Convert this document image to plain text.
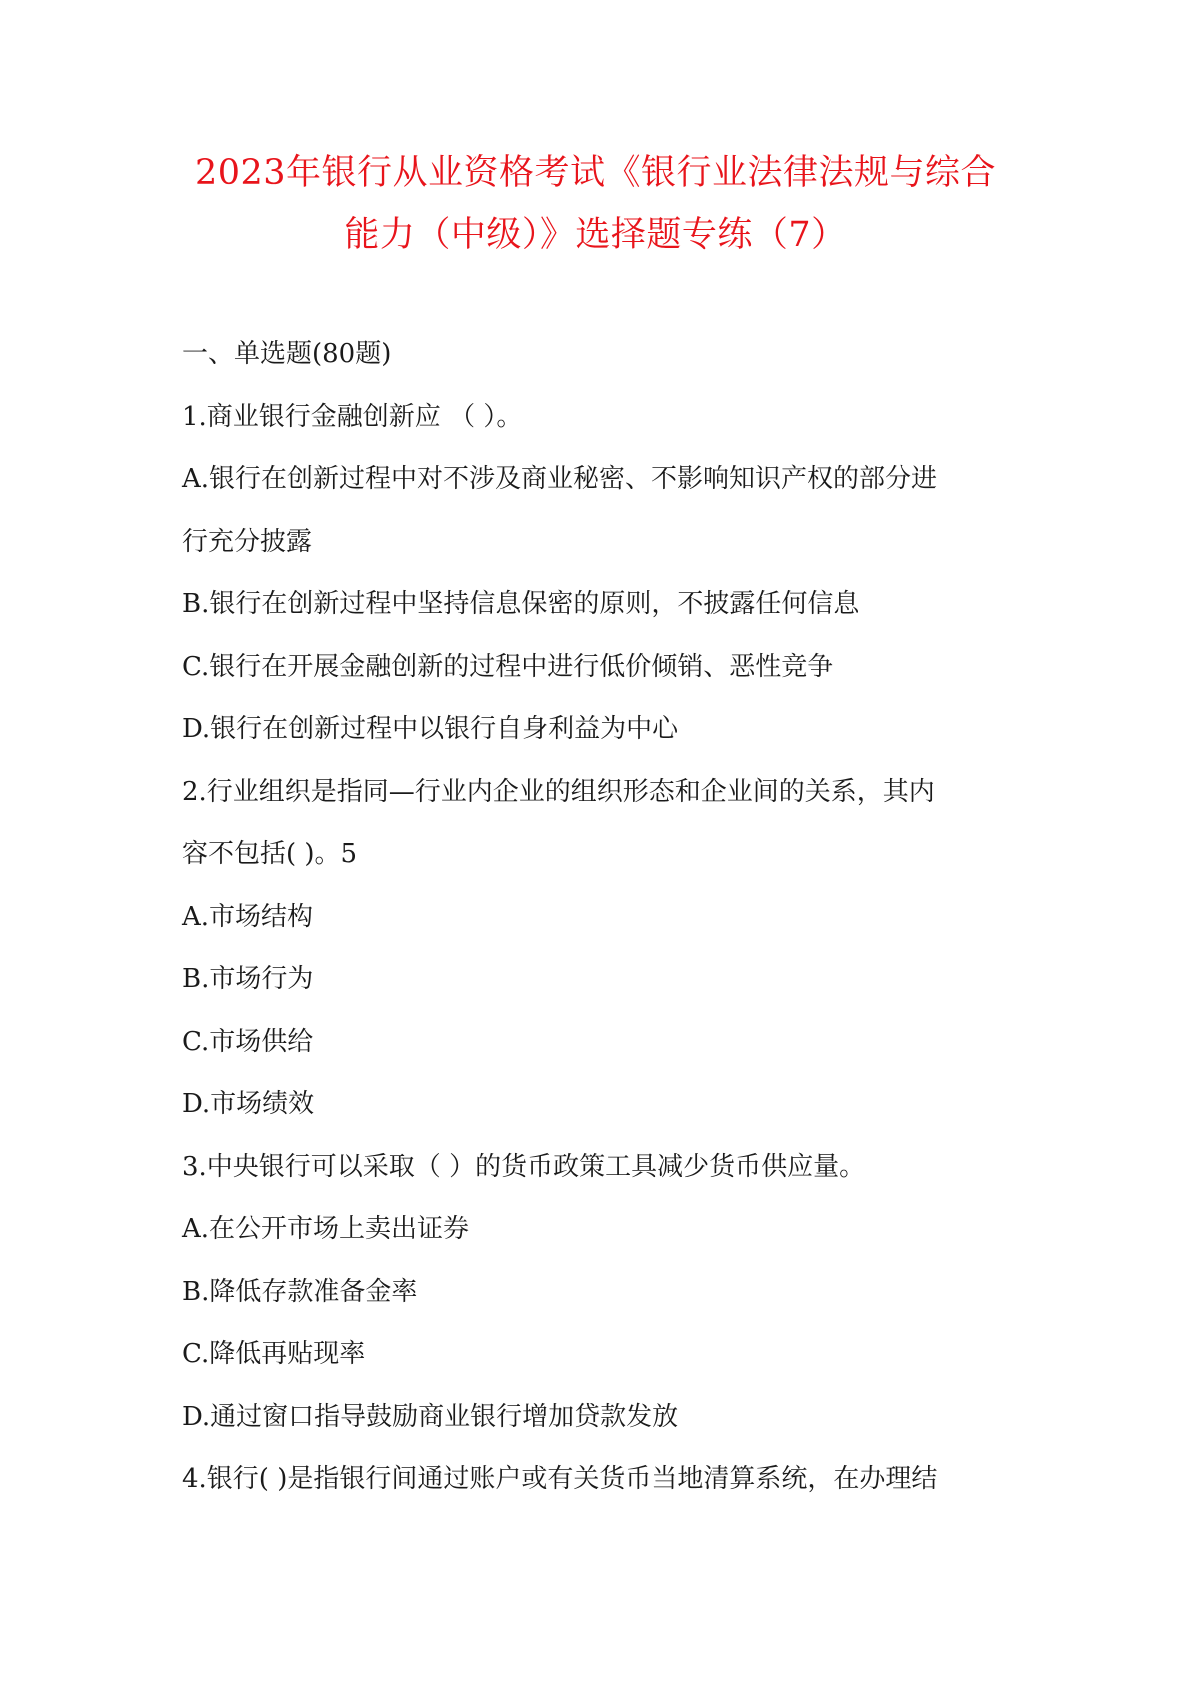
2023年银行从业资格考试《银行业法律法规与综合
能力（中级）》选择题专练（7）
一、单选题(80题)
1.商业银行金融创新应 （ ）。
A.银行在创新过程中对不涉及商业秘密、不影响知识产权的部分进
行充分披露
B.银行在创新过程中坚持信息保密的原则，不披露任何信息
C.银行在开展金融创新的过程中进行低价倾销、恶性竞争
D.银行在创新过程中以银行自身利益为中心
2.行业组织是指同—行业内企业的组织形态和企业间的关系，其内
容不包括( )。5
A.市场结构
B.市场行为
C.市场供给
D.市场绩效
3.中央银行可以采取（ ）的货币政策工具减少货币供应量。
A.在公开市场上卖出证券
B.降低存款准备金率
C.降低再贴现率
D.通过窗口指导鼓励商业银行增加贷款发放
4.银行( )是指银行间通过账户或有关货币当地清算系统，在办理结
